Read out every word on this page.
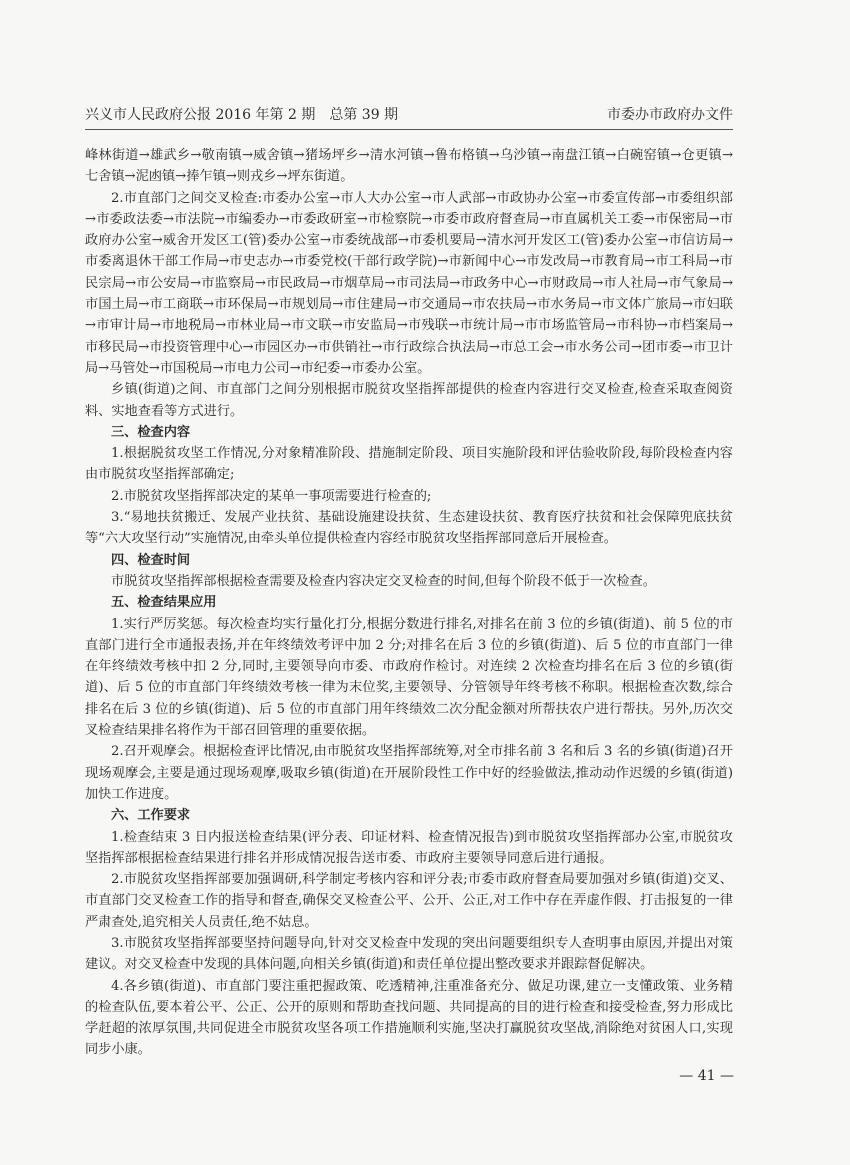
兴义市人民政府公报 2016 年第 2 期　总第 39 期	市委办市政府办文件

峰林街道→雄武乡→敬南镇→威舍镇→猪场坪乡→清水河镇→鲁布格镇→乌沙镇→南盘江镇→白碗窑镇→仓更镇→七舍镇→泥凼镇→捧乍镇→则戎乡→坪东街道。

2.市直部门之间交叉检查:市委办公室→市人大办公室→市人武部→市政协办公室→市委宣传部→市委组织部→市委政法委→市法院→市编委办→市委政研室→市检察院→市委市政府督查局→市直属机关工委→市保密局→市政府办公室→威舍开发区工(管)委办公室→市委统战部→市委机要局→清水河开发区工(管)委办公室→市信访局→市委离退休干部工作局→市史志办→市委党校(干部行政学院)→市新闻中心→市发改局→市教育局→市工科局→市民宗局→市公安局→市监察局→市民政局→市烟草局→市司法局→市政务中心→市财政局→市人社局→市气象局→市国土局→市工商联→市环保局→市规划局→市住建局→市交通局→市农扶局→市水务局→市文体广旅局→市妇联→市审计局→市地税局→市林业局→市文联→市安监局→市残联→市统计局→市市场监管局→市科协→市档案局→市移民局→市投资管理中心→市园区办→市供销社→市行政综合执法局→市总工会→市水务公司→团市委→市卫计局→马管处→市国税局→市电力公司→市纪委→市委办公室。

乡镇(街道)之间、市直部门之间分别根据市脱贫攻坚指挥部提供的检查内容进行交叉检查,检查采取查阅资料、实地查看等方式进行。

三、检查内容

1.根据脱贫攻坚工作情况,分对象精准阶段、措施制定阶段、项目实施阶段和评估验收阶段,每阶段检查内容由市脱贫攻坚指挥部确定;

2.市脱贫攻坚指挥部决定的某单一事项需要进行检查的;

3.“易地扶贫搬迁、发展产业扶贫、基础设施建设扶贫、生态建设扶贫、教育医疗扶贫和社会保障兜底扶贫等“六大攻坚行动”实施情况,由牵头单位提供检查内容经市脱贫攻坚指挥部同意后开展检查。

四、检查时间

市脱贫攻坚指挥部根据检查需要及检查内容决定交叉检查的时间,但每个阶段不低于一次检查。

五、检查结果应用

1.实行严厉奖惩。每次检查均实行量化打分,根据分数进行排名,对排名在前 3 位的乡镇(街道)、前 5 位的市直部门进行全市通报表扬,并在年终绩效考评中加 2 分;对排名在后 3 位的乡镇(街道)、后 5 位的市直部门一律在年终绩效考核中扣 2 分,同时,主要领导向市委、市政府作检讨。对连续 2 次检查均排名在后 3 位的乡镇(街道)、后 5 位的市直部门年终绩效考核一律为末位奖,主要领导、分管领导年终考核不称职。根据检查次数,综合排名在后 3 位的乡镇(街道)、后 5 位的市直部门用年终绩效二次分配金额对所帮扶农户进行帮扶。另外,历次交叉检查结果排名将作为干部召回管理的重要依据。

2.召开观摩会。根据检查评比情况,由市脱贫攻坚指挥部统筹,对全市排名前 3 名和后 3 名的乡镇(街道)召开现场观摩会,主要是通过现场观摩,吸取乡镇(街道)在开展阶段性工作中好的经验做法,推动动作迟缓的乡镇(街道)加快工作进度。

六、工作要求

1.检查结束 3 日内报送检查结果(评分表、印证材料、检查情况报告)到市脱贫攻坚指挥部办公室,市脱贫攻坚指挥部根据检查结果进行排名并形成情况报告送市委、市政府主要领导同意后进行通报。

2.市脱贫攻坚指挥部要加强调研,科学制定考核内容和评分表;市委市政府督查局要加强对乡镇(街道)交叉、市直部门交叉检查工作的指导和督查,确保交叉检查公平、公开、公正,对工作中存在弄虚作假、打击报复的一律严肃查处,追究相关人员责任,绝不姑息。

3.市脱贫攻坚指挥部要坚持问题导向,针对交叉检查中发现的突出问题要组织专人查明事由原因,并提出对策建议。对交叉检查中发现的具体问题,向相关乡镇(街道)和责任单位提出整改要求并跟踪督促解决。

4.各乡镇(街道)、市直部门要注重把握政策、吃透精神,注重准备充分、做足功课,建立一支懂政策、业务精的检查队伍,要本着公平、公正、公开的原则和帮助查找问题、共同提高的目的进行检查和接受检查,努力形成比学赶超的浓厚氛围,共同促进全市脱贫攻坚各项工作措施顺利实施,坚决打赢脱贫攻坚战,消除绝对贫困人口,实现同步小康。

— 41 —
